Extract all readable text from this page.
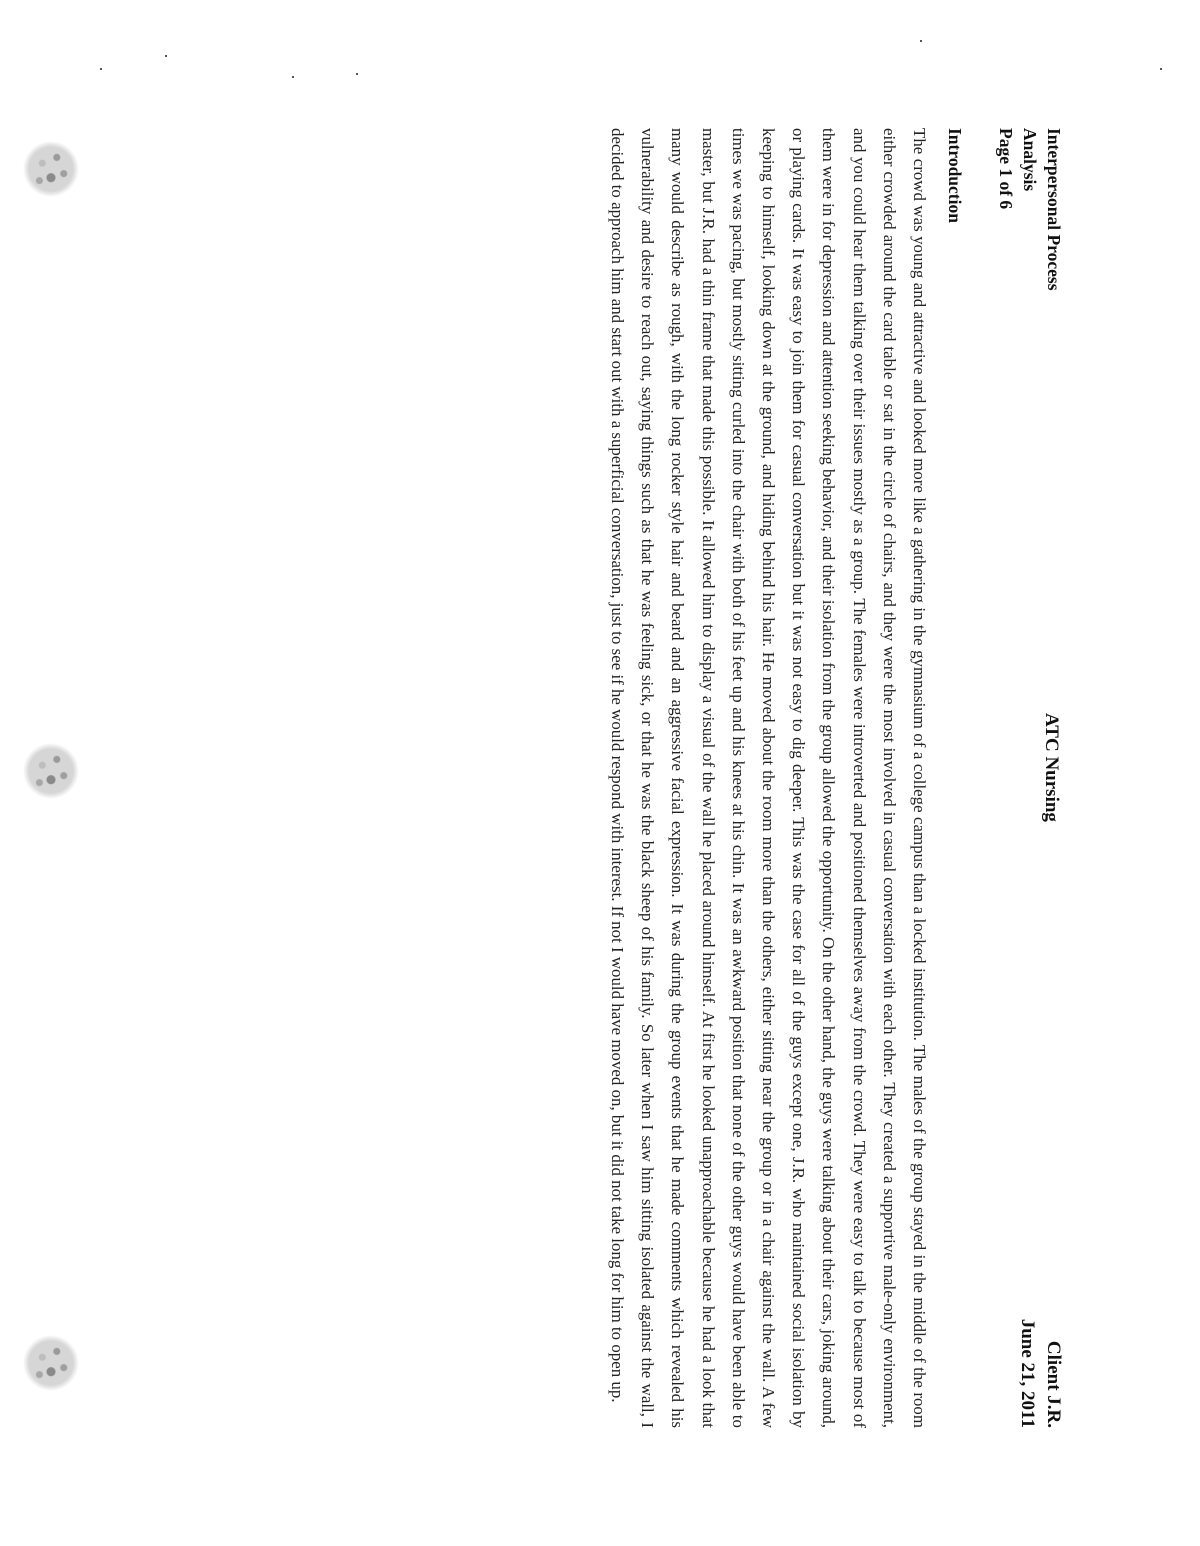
Interpersonal Process
Analysis
Page 1 of 6
ATC Nursing
Client J.R.
June 21, 2011
Introduction
The crowd was young and attractive and looked more like a gathering in the gymnasium of a college campus than a locked institution. The males of the group stayed in the middle of the room either crowded around the card table or sat in the circle of chairs, and they were the most involved in casual conversation with each other. They created a supportive male-only environment, and you could hear them talking over their issues mostly as a group. The females were introverted and positioned themselves away from the crowd. They were easy to talk to because most of them were in for depression and attention seeking behavior, and their isolation from the group allowed the opportunity. On the other hand, the guys were talking about their cars, joking around, or playing cards. It was easy to join them for casual conversation but it was not easy to dig deeper. This was the case for all of the guys except one, J.R. who maintained social isolation by keeping to himself, looking down at the ground, and hiding behind his hair. He moved about the room more than the others, either sitting near the group or in a chair against the wall. A few times we was pacing, but mostly sitting curled into the chair with both of his feet up and his knees at his chin. It was an awkward position that none of the other guys would have been able to master, but J.R. had a thin frame that made this possible. It allowed him to display a visual of the wall he placed around himself. At first he looked unapproachable because he had a look that many would describe as rough, with the long rocker style hair and beard and an aggressive facial expression. It was during the group events that he made comments which revealed his vulnerability and desire to reach out, saying things such as that he was feeling sick, or that he was the black sheep of his family. So later when I saw him sitting isolated against the wall, I decided to approach him and start out with a superficial conversation, just to see if he would respond with interest. If not I would have moved on, but it did not take long for him to open up.
